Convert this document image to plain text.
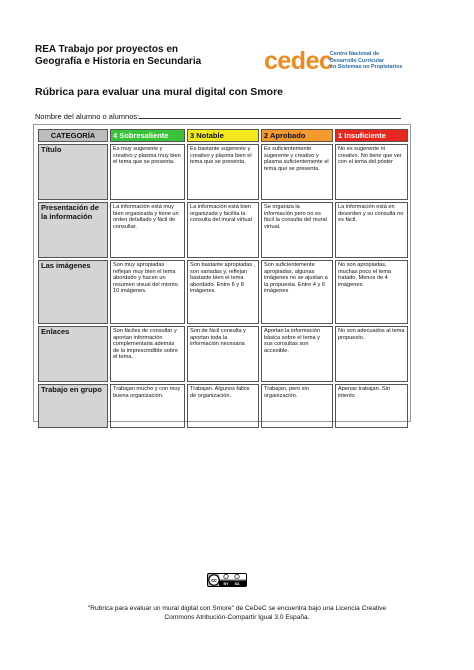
REA Trabajo por proyectos en
Geografía e Historia en Secundaria	cedec
Centro Nacional de
Desarrollo Curricular
en Sistemas no Propietarios
Rúbrica para evaluar una mural digital con Smore
Nombre del alumno o alumnos:
CATEGORÍA	4 Sobresaliente	3 Notable	2 Aprobado	1 Insuficiente
Título	Es muy sugerente y creativo y plasma muy bien el tema que se presenta.	Es bastante sugerente y creativo y plasma bien el tema que se presenta.	Es suficientemente sugerente y creativo y plasma suficientemente el tema que se presenta.	No es sugerente ni creativo. No tiene que ver con el tema del póster
Presentación de la información	La información está muy bien organizada y tiene un orden detallado y fácil de consultar.	La información está bien organizada y facilita la consulta del mural virtual	Se organiza la información pero no es fácil la consulta del mural virtual.	La información está en desorden y su consulta no es fácil.
Las imágenes	Son muy apropiadas reflejan muy bien el tema abordado y hacen un resumen visual del mismo. 10 imágenes.	Son bastante apropiadas , son variadas y, reflejan bastante bien el tema abordado. Entre 6 y 8 imágenes.	Son suficientemente apropiadas, algunas imágenes no se ajustan a la propuesta. Entre 4 y 6 imágenes	No son apropiadas, muchas poco el tema tratado, Menos de 4 imágenes.
Enlaces	Son fáciles de consultar y aportan información complementaria además de la imprescindible sobre el tema.	Son de fácil consulta y aportan toda la información necesaria	Aportan la información básica sobre el tema y sus consultas son accesible.	No son adecuados al tema propuesto.
Trabajo en grupo	Trabajan mucho y con muy buena organización.	Trabajan. Algunos fallos de organización.	Trabajan, pero sin organización.	Apenas trabajan. Sin interés
cc BY SA
"Rubrica para evaluar un mural digital con Smore" de CeDeC se encuentra bajo una Licencia Creative
Commons Atribución-Compartir Igual 3.0 España.
